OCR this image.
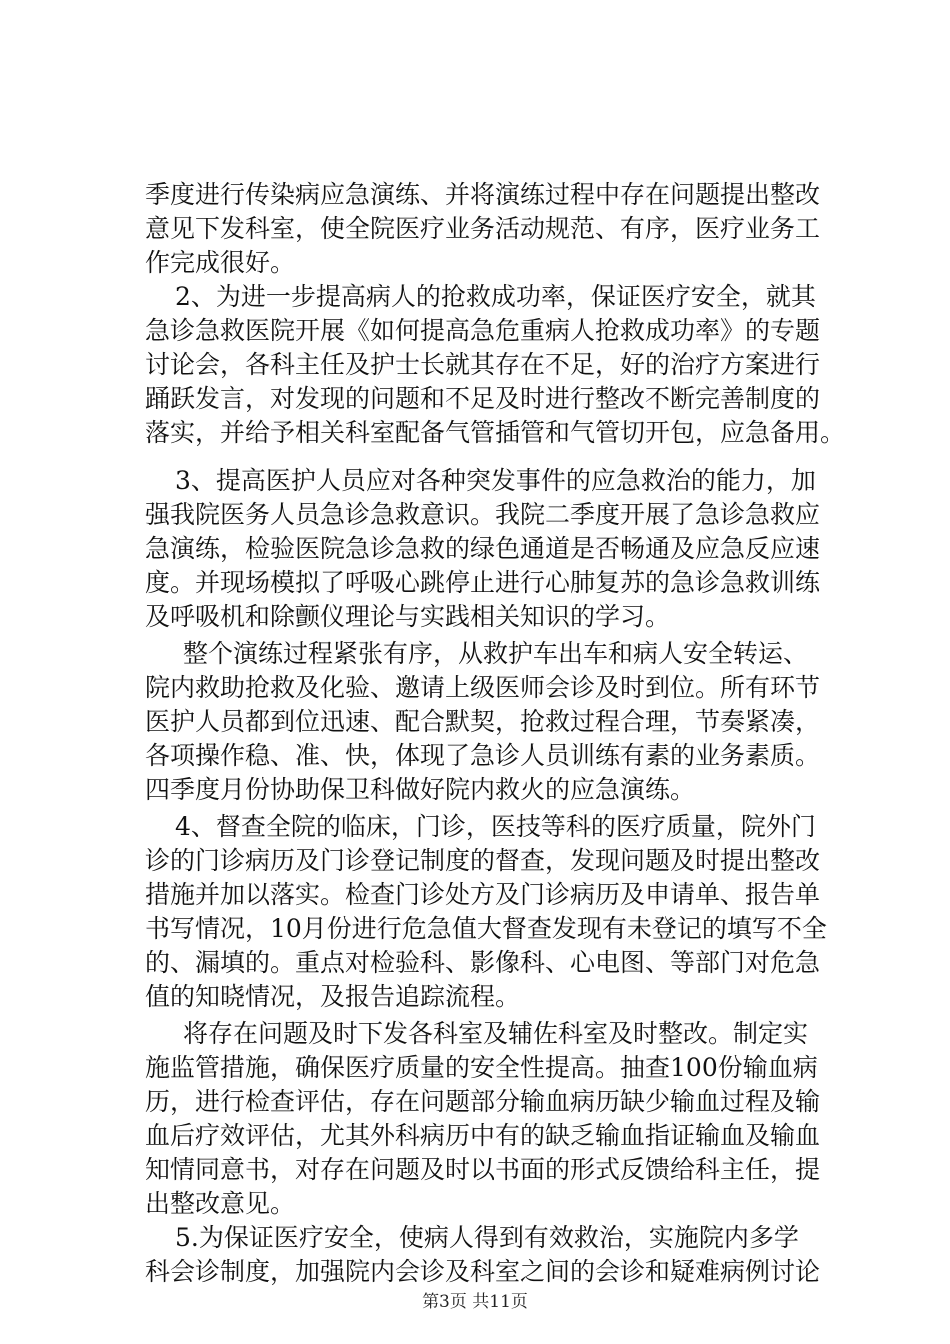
季度进行传染病应急演练、并将演练过程中存在问题提出整改
意见下发科室，使全院医疗业务活动规范、有序，医疗业务工
作完成很好。
2、为进一步提高病人的抢救成功率，保证医疗安全，就其
急诊急救医院开展《如何提高急危重病人抢救成功率》的专题
讨论会，各科主任及护士长就其存在不足，好的治疗方案进行
踊跃发言，对发现的问题和不足及时进行整改不断完善制度的
落实，并给予相关科室配备气管插管和气管切开包，应急备用。
3、提高医护人员应对各种突发事件的应急救治的能力，加
强我院医务人员急诊急救意识。我院二季度开展了急诊急救应
急演练，检验医院急诊急救的绿色通道是否畅通及应急反应速
度。并现场模拟了呼吸心跳停止进行心肺复苏的急诊急救训练
及呼吸机和除颤仪理论与实践相关知识的学习。
整个演练过程紧张有序，从救护车出车和病人安全转运、
院内救助抢救及化验、邀请上级医师会诊及时到位。所有环节
医护人员都到位迅速、配合默契，抢救过程合理，节奏紧凑，
各项操作稳、准、快，体现了急诊人员训练有素的业务素质。
四季度月份协助保卫科做好院内救火的应急演练。
4、督查全院的临床，门诊，医技等科的医疗质量，院外门
诊的门诊病历及门诊登记制度的督查，发现问题及时提出整改
措施并加以落实。检查门诊处方及门诊病历及申请单、报告单
书写情况，10月份进行危急值大督查发现有未登记的填写不全
的、漏填的。重点对检验科、影像科、心电图、等部门对危急
值的知晓情况，及报告追踪流程。
将存在问题及时下发各科室及辅佐科室及时整改。制定实
施监管措施，确保医疗质量的安全性提高。抽查100份输血病
历，进行检查评估，存在问题部分输血病历缺少输血过程及输
血后疗效评估，尤其外科病历中有的缺乏输血指证输血及输血
知情同意书，对存在问题及时以书面的形式反馈给科主任，提
出整改意见。
5.为保证医疗安全，使病人得到有效救治，实施院内多学
科会诊制度，加强院内会诊及科室之间的会诊和疑难病例讨论
第3页 共11页
